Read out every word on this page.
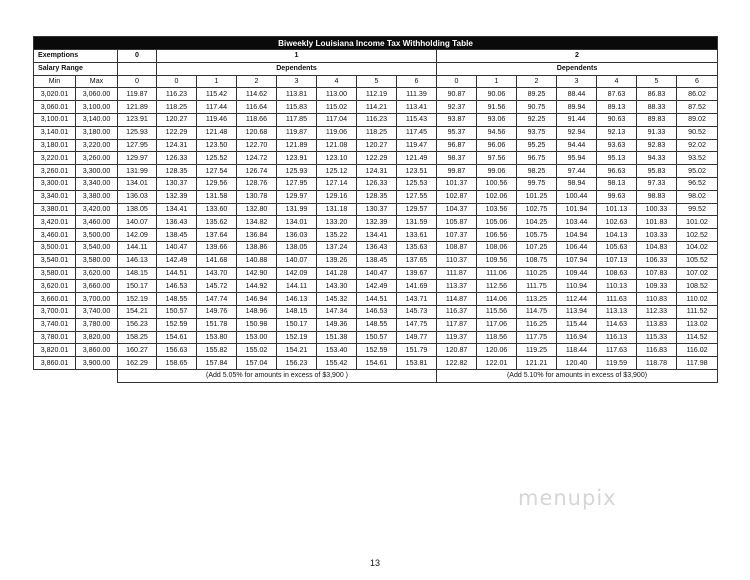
Biweekly Louisiana Income Tax Withholding Table																
Exemptions		0	1							2						
Salary Range			Dependents							Dependents						
Min	Max	0	0	1	2	3	4	5	6	0	1	2	3	4	5	6
3,020.01	3,060.00	119.87	116.23	115.42	114.62	113.81	113.00	112.19	111.39	90.87	90.06	89.25	88.44	87.63	86.83	86.02
3,060.01	3,100.00	121.89	118.25	117.44	116.64	115.83	115.02	114.21	113.41	92.37	91.56	90.75	89.94	89.13	88.33	87.52
3,100.01	3,140.00	123.91	120.27	119.46	118.66	117.85	117.04	116.23	115.43	93.87	93.06	92.25	91.44	90.63	89.83	89.02
3,140.01	3,180.00	125.93	122.29	121.48	120.68	119.87	119.06	118.25	117.45	95.37	94.56	93.75	92.94	92.13	91.33	90.52
3,180.01	3,220.00	127.95	124.31	123.50	122.70	121.89	121.08	120.27	119.47	96.87	96.06	95.25	94.44	93.63	92.83	92.02
3,220.01	3,260.00	129.97	126.33	125.52	124.72	123.91	123.10	122.29	121.49	98.37	97.56	96.75	95.94	95.13	94.33	93.52
3,260.01	3,300.00	131.99	128.35	127.54	126.74	125.93	125.12	124.31	123.51	99.87	99.06	98.25	97.44	96.63	95.83	95.02
3,300.01	3,340.00	134.01	130.37	129.56	128.76	127.95	127.14	126.33	125.53	101.37	100.56	99.75	98.94	98.13	97.33	96.52
3,340.01	3,380.00	136.03	132.39	131.58	130.78	129.97	129.16	128.35	127.55	102.87	102.06	101.25	100.44	99.63	98.83	98.02
3,380.01	3,420.00	138.05	134.41	133.60	132.80	131.99	131.18	130.37	129.57	104.37	103.56	102.75	101.94	101.13	100.33	99.52
3,420.01	3,460.00	140.07	136.43	135.62	134.82	134.01	133.20	132.39	131.59	105.87	105.06	104.25	103.44	102.63	101.83	101.02
3,460.01	3,500.00	142.09	138.45	137.64	136.84	136.03	135.22	134.41	133.61	107.37	106.56	105.75	104.94	104.13	103.33	102.52
3,500.01	3,540.00	144.11	140.47	139.66	138.86	138.05	137.24	136.43	135.63	108.87	108.06	107.25	106.44	105.63	104.83	104.02
3,540.01	3,580.00	146.13	142.49	141.68	140.88	140.07	139.26	138.45	137.65	110.37	109.56	108.75	107.94	107.13	106.33	105.52
3,580.01	3,620.00	148.15	144.51	143.70	142.90	142.09	141.28	140.47	139.67	111.87	111.06	110.25	109.44	108.63	107.83	107.02
3,620.01	3,660.00	150.17	146.53	145.72	144.92	144.11	143.30	142.49	141.69	113.37	112.56	111.75	110.94	110.13	109.33	108.52
3,660.01	3,700.00	152.19	148.55	147.74	146.94	146.13	145.32	144.51	143.71	114.87	114.06	113.25	112.44	111.63	110.83	110.02
3,700.01	3,740.00	154.21	150.57	149.76	148.96	148.15	147.34	146.53	145.73	116.37	115.56	114.75	113.94	113.13	112.33	111.52
3,740.01	3,780.00	156.23	152.59	151.78	150.98	150.17	149.36	148.55	147.75	117.87	117.06	116.25	115.44	114.63	113.83	113.02
3,780.01	3,820.00	158.25	154.61	153.80	153.00	152.19	151.38	150.57	149.77	119.37	118.56	117.75	116.94	116.13	115.33	114.52
3,820.01	3,860.00	160.27	156.63	155.82	155.02	154.21	153.40	152.59	151.79	120.87	120.06	119.25	118.44	117.63	116.83	116.02
3,860.01	3,900.00	162.29	158.65	157.84	157.04	156.23	155.42	154.61	153.81	122.82	122.01	121.21	120.40	119.59	118.78	117.98
		(Add 5.05% for amounts in excess of $3,900 )								(Add 5.10% for amounts in excess of $3,900)						
menupix
13
